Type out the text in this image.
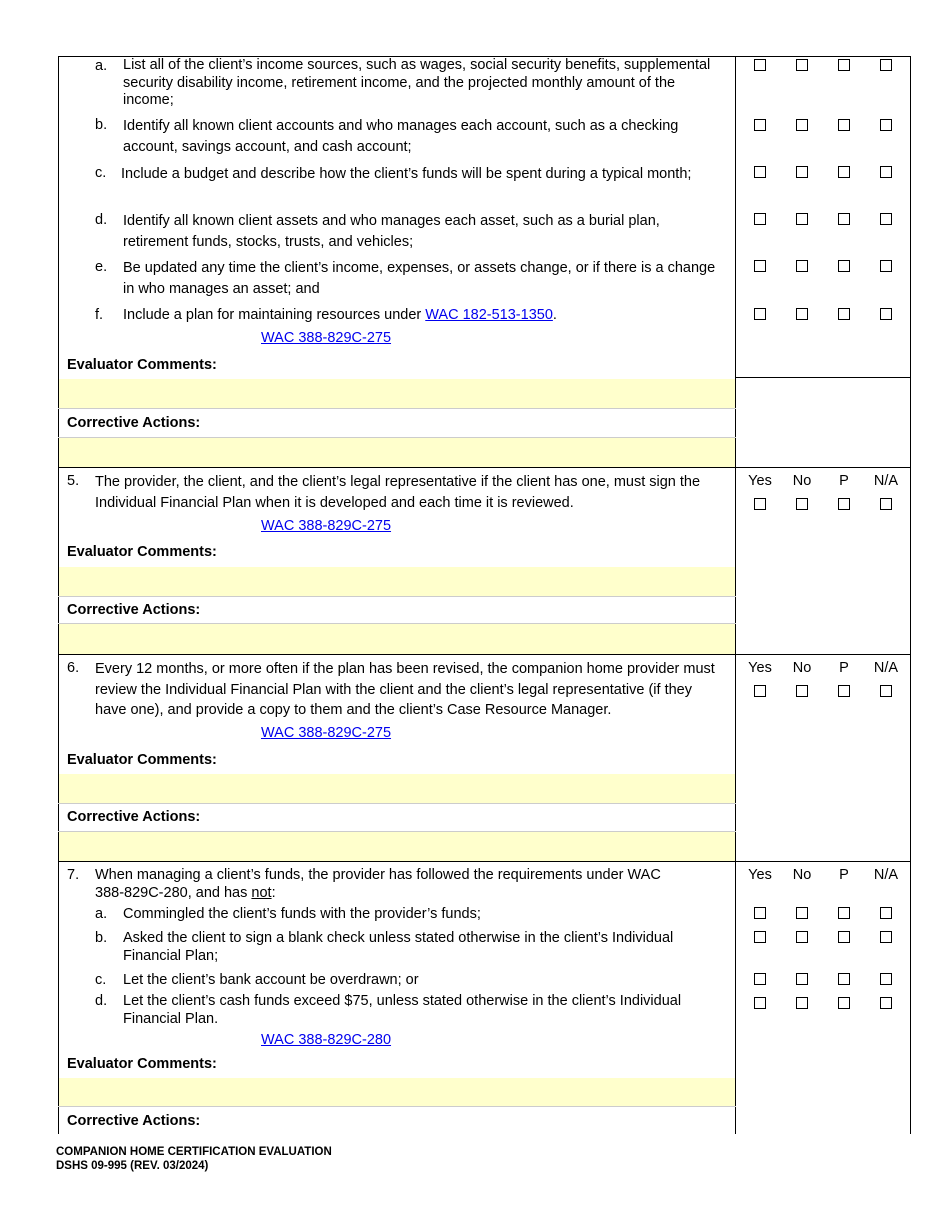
a. List all of the client’s income sources, such as wages, social security benefits, supplemental security disability income, retirement income, and the projected monthly amount of the income;
b. Identify all known client accounts and who manages each account, such as a checking account, savings account, and cash account;
c. Include a budget and describe how the client’s funds will be spent during a typical month;
d. Identify all known client assets and who manages each asset, such as a burial plan, retirement funds, stocks, trusts, and vehicles;
e. Be updated any time the client’s income, expenses, or assets change, or if there is a change in who manages an asset; and
f. Include a plan for maintaining resources under WAC 182-513-1350.
WAC 388-829C-275
Evaluator Comments:
Corrective Actions:
5. The provider, the client, and the client’s legal representative if the client has one, must sign the Individual Financial Plan when it is developed and each time it is reviewed.
WAC 388-829C-275
Evaluator Comments:
Corrective Actions:
Yes	No	P	N/A
6. Every 12 months, or more often if the plan has been revised, the companion home provider must review the Individual Financial Plan with the client and the client’s legal representative (if they have one), and provide a copy to them and the client’s Case Resource Manager.
WAC 388-829C-275
Evaluator Comments:
Corrective Actions:
Yes	No	P	N/A
7. When managing a client’s funds, the provider has followed the requirements under WAC
388-829C-280, and has not:
a. Commingled the client’s funds with the provider’s funds;
b. Asked the client to sign a blank check unless stated otherwise in the client’s Individual Financial Plan;
c. Let the client’s bank account be overdrawn; or
d. Let the client’s cash funds exceed $75, unless stated otherwise in the client’s Individual Financial Plan.
WAC 388-829C-280
Evaluator Comments:
Corrective Actions:
Yes	No	P	N/A
COMPANION HOME CERTIFICATION EVALUATION
DSHS 09-995 (REV. 03/2024)
